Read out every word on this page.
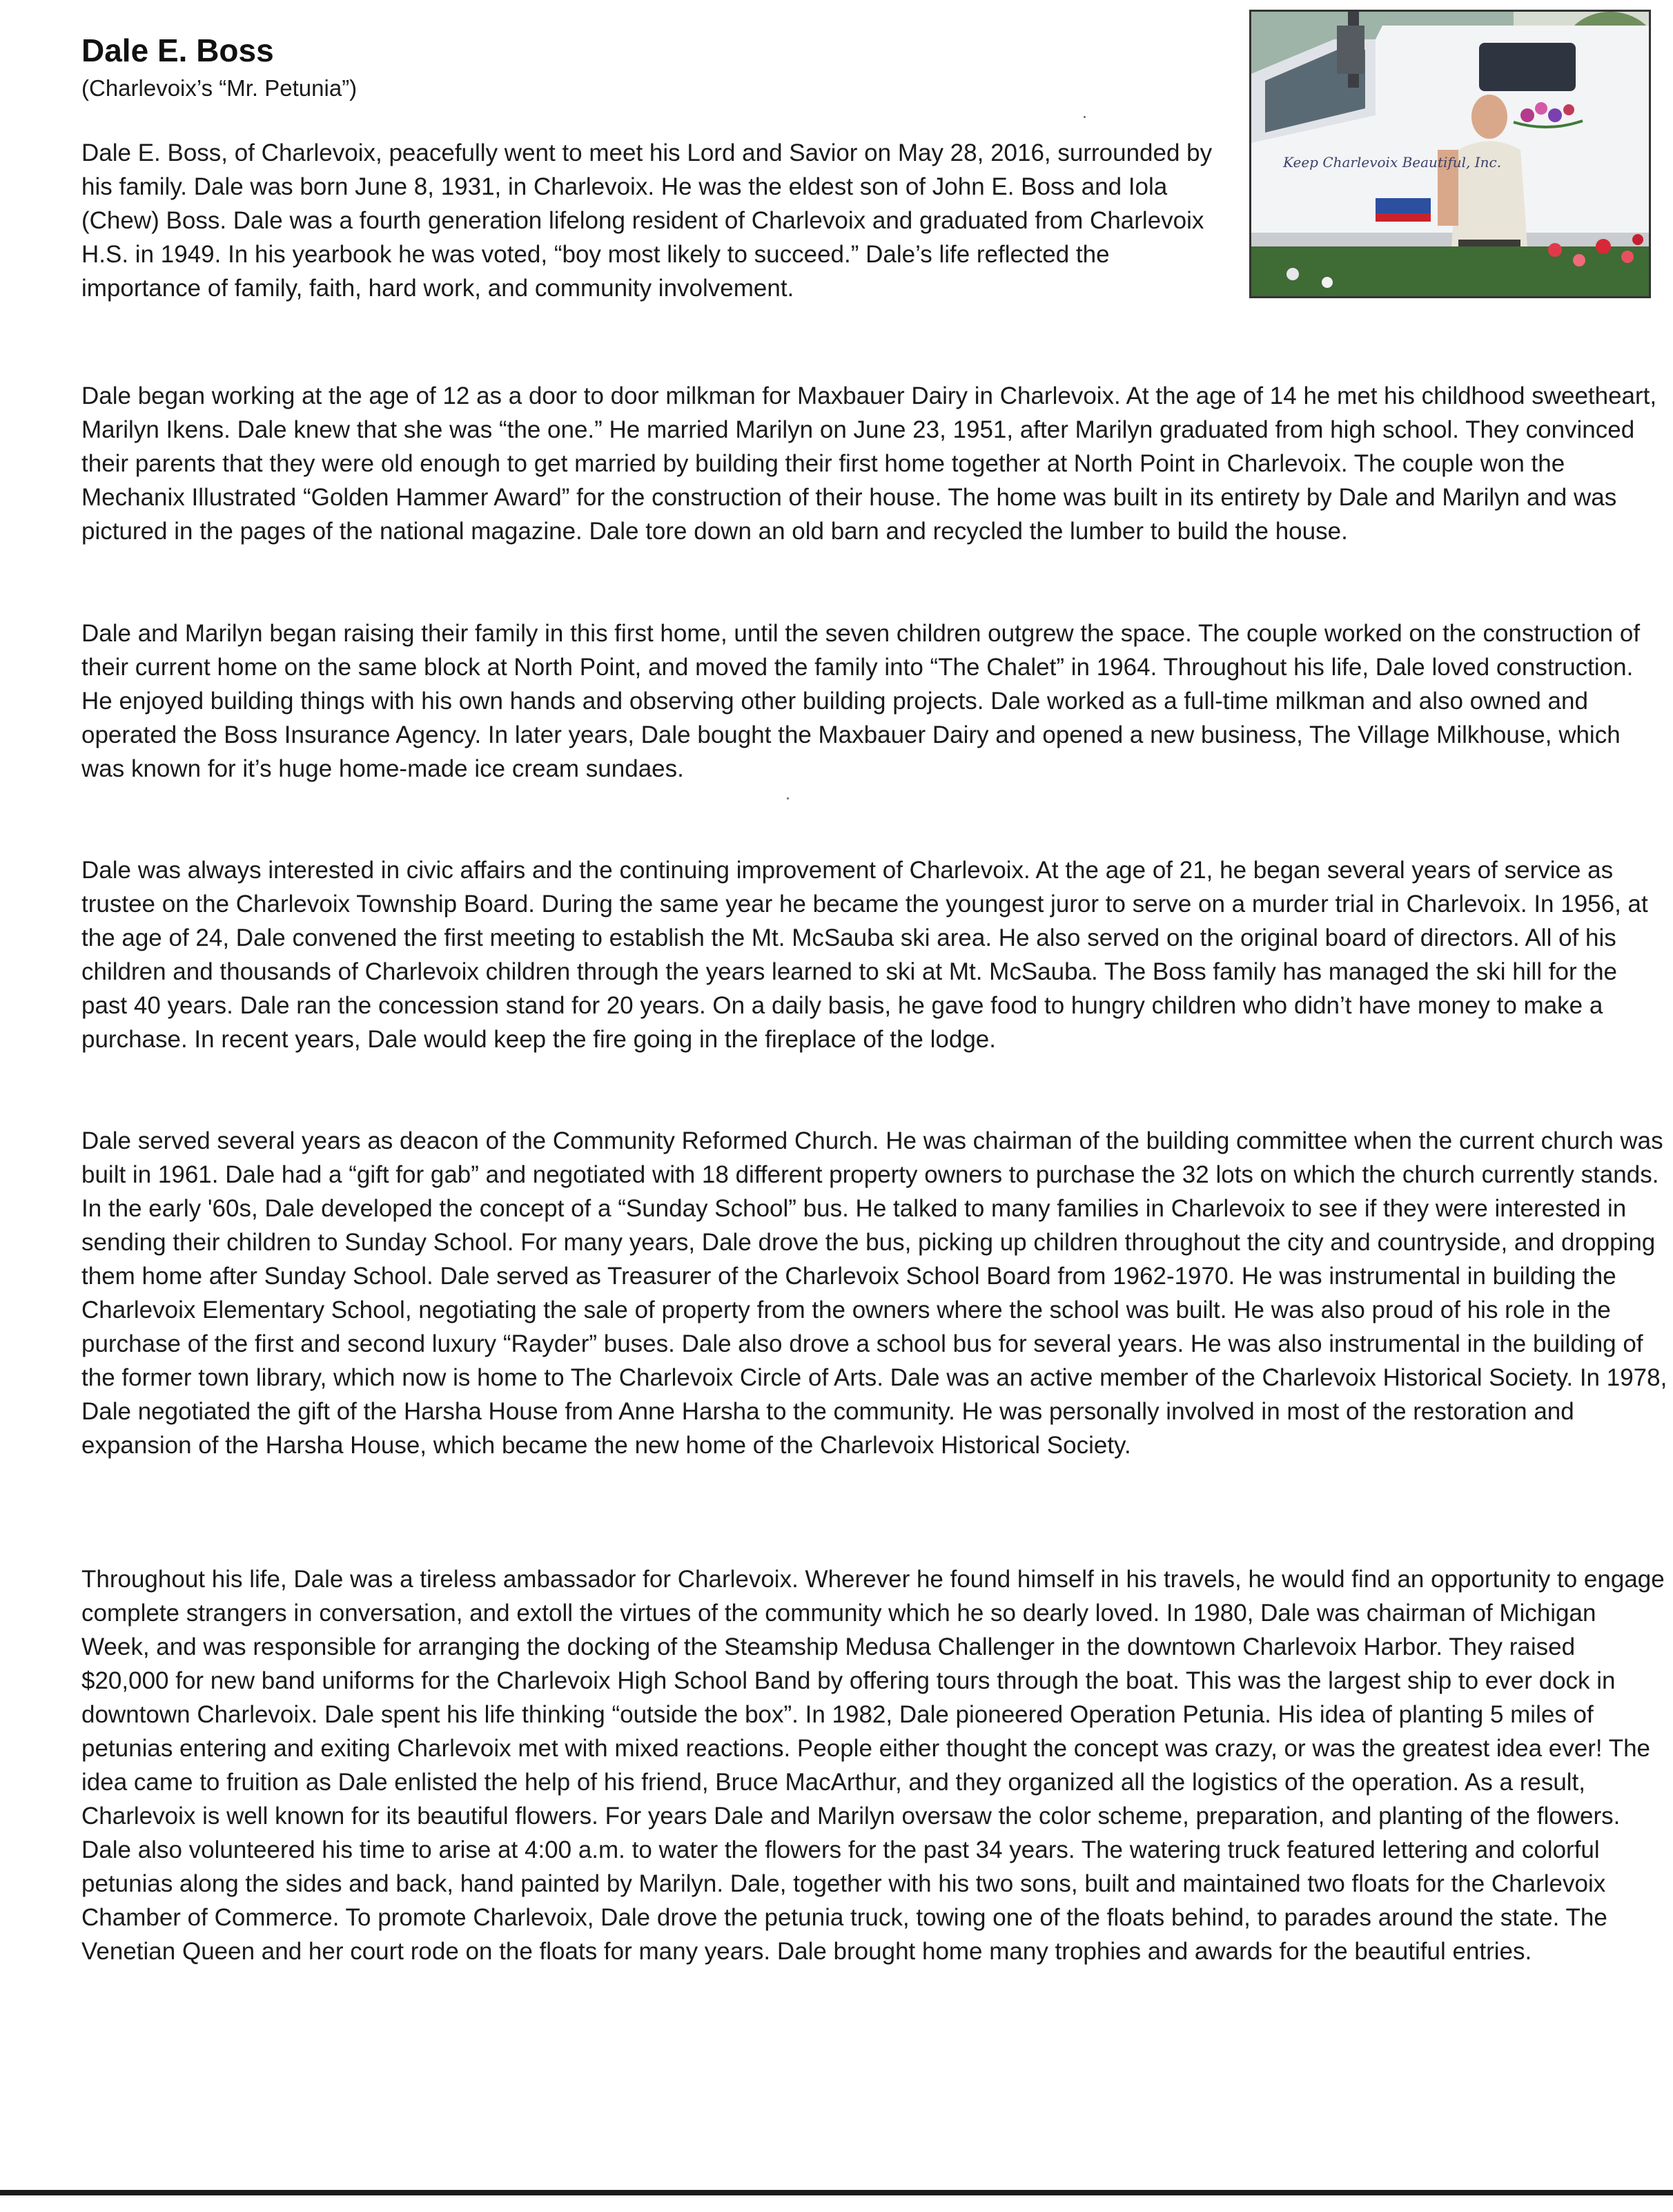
Dale E. Boss
(Charlevoix’s “Mr. Petunia”)
Keep Charlevoix Beautiful, Inc.

Dale E. Boss, of Charlevoix, peacefully went to meet his Lord and Savior on May 28, 2016, surrounded by his family. Dale was born June 8, 1931, in Charlevoix. He was the eldest son of John E. Boss and Iola (Chew) Boss. Dale was a fourth generation lifelong resident of Charlevoix and graduated from Charlevoix H.S. in 1949. In his yearbook he was voted, “boy most likely to succeed.” Dale’s life reflected the importance of family, faith, hard work, and community involvement.

Dale began working at the age of 12 as a door to door milkman for Maxbauer Dairy in Charlevoix. At the age of 14 he met his childhood sweetheart, Marilyn Ikens. Dale knew that she was “the one.” He married Marilyn on June 23, 1951, after Marilyn graduated from high school. They convinced their parents that they were old enough to get married by building their first home together at North Point in Charlevoix. The couple won the Mechanix Illustrated “Golden Hammer Award” for the construction of their house. The home was built in its entirety by Dale and Marilyn and was pictured in the pages of the national magazine. Dale tore down an old barn and recycled the lumber to build the house.

Dale and Marilyn began raising their family in this first home, until the seven children outgrew the space. The couple worked on the construction of their current home on the same block at North Point, and moved the family into “The Chalet” in 1964. Throughout his life, Dale loved construction. He enjoyed building things with his own hands and observing other building projects. Dale worked as a full-time milkman and also owned and operated the Boss Insurance Agency. In later years, Dale bought the Maxbauer Dairy and opened a new business, The Village Milkhouse, which was known for it’s huge home-made ice cream sundaes.

Dale was always interested in civic affairs and the continuing improvement of Charlevoix. At the age of 21, he began several years of service as trustee on the Charlevoix Township Board. During the same year he became the youngest juror to serve on a murder trial in Charlevoix. In 1956, at the age of 24, Dale convened the first meeting to establish the Mt. McSauba ski area. He also served on the original board of directors. All of his children and thousands of Charlevoix children through the years learned to ski at Mt. McSauba. The Boss family has managed the ski hill for the past 40 years. Dale ran the concession stand for 20 years. On a daily basis, he gave food to hungry children who didn’t have money to make a purchase. In recent years, Dale would keep the fire going in the fireplace of the lodge.

Dale served several years as deacon of the Community Reformed Church. He was chairman of the building committee when the current church was built in 1961. Dale had a “gift for gab” and negotiated with 18 different property owners to purchase the 32 lots on which the church currently stands. In the early '60s, Dale developed the concept of a “Sunday School” bus. He talked to many families in Charlevoix to see if they were interested in sending their children to Sunday School. For many years, Dale drove the bus, picking up children throughout the city and countryside, and dropping them home after Sunday School. Dale served as Treasurer of the Charlevoix School Board from 1962-1970. He was instrumental in building the Charlevoix Elementary School, negotiating the sale of property from the owners where the school was built. He was also proud of his role in the purchase of the first and second luxury “Rayder” buses. Dale also drove a school bus for several years. He was also instrumental in the building of the former town library, which now is home to The Charlevoix Circle of Arts. Dale was an active member of the Charlevoix Historical Society. In 1978, Dale negotiated the gift of the Harsha House from Anne Harsha to the community. He was personally involved in most of the restoration and expansion of the Harsha House, which became the new home of the Charlevoix Historical Society.

Throughout his life, Dale was a tireless ambassador for Charlevoix. Wherever he found himself in his travels, he would find an opportunity to engage complete strangers in conversation, and extoll the virtues of the community which he so dearly loved. In 1980, Dale was chairman of Michigan Week, and was responsible for arranging the docking of the Steamship Medusa Challenger in the downtown Charlevoix Harbor. They raised $20,000 for new band uniforms for the Charlevoix High School Band by offering tours through the boat. This was the largest ship to ever dock in downtown Charlevoix. Dale spent his life thinking “outside the box”. In 1982, Dale pioneered Operation Petunia. His idea of planting 5 miles of petunias entering and exiting Charlevoix met with mixed reactions. People either thought the concept was crazy, or was the greatest idea ever! The idea came to fruition as Dale enlisted the help of his friend, Bruce MacArthur, and they organized all the logistics of the operation. As a result, Charlevoix is well known for its beautiful flowers. For years Dale and Marilyn oversaw the color scheme, preparation, and planting of the flowers. Dale also volunteered his time to arise at 4:00 a.m. to water the flowers for the past 34 years. The watering truck featured lettering and colorful petunias along the sides and back, hand painted by Marilyn. Dale, together with his two sons, built and maintained two floats for the Charlevoix Chamber of Commerce. To promote Charlevoix, Dale drove the petunia truck, towing one of the floats behind, to parades around the state. The Venetian Queen and her court rode on the floats for many years. Dale brought home many trophies and awards for the beautiful entries.
